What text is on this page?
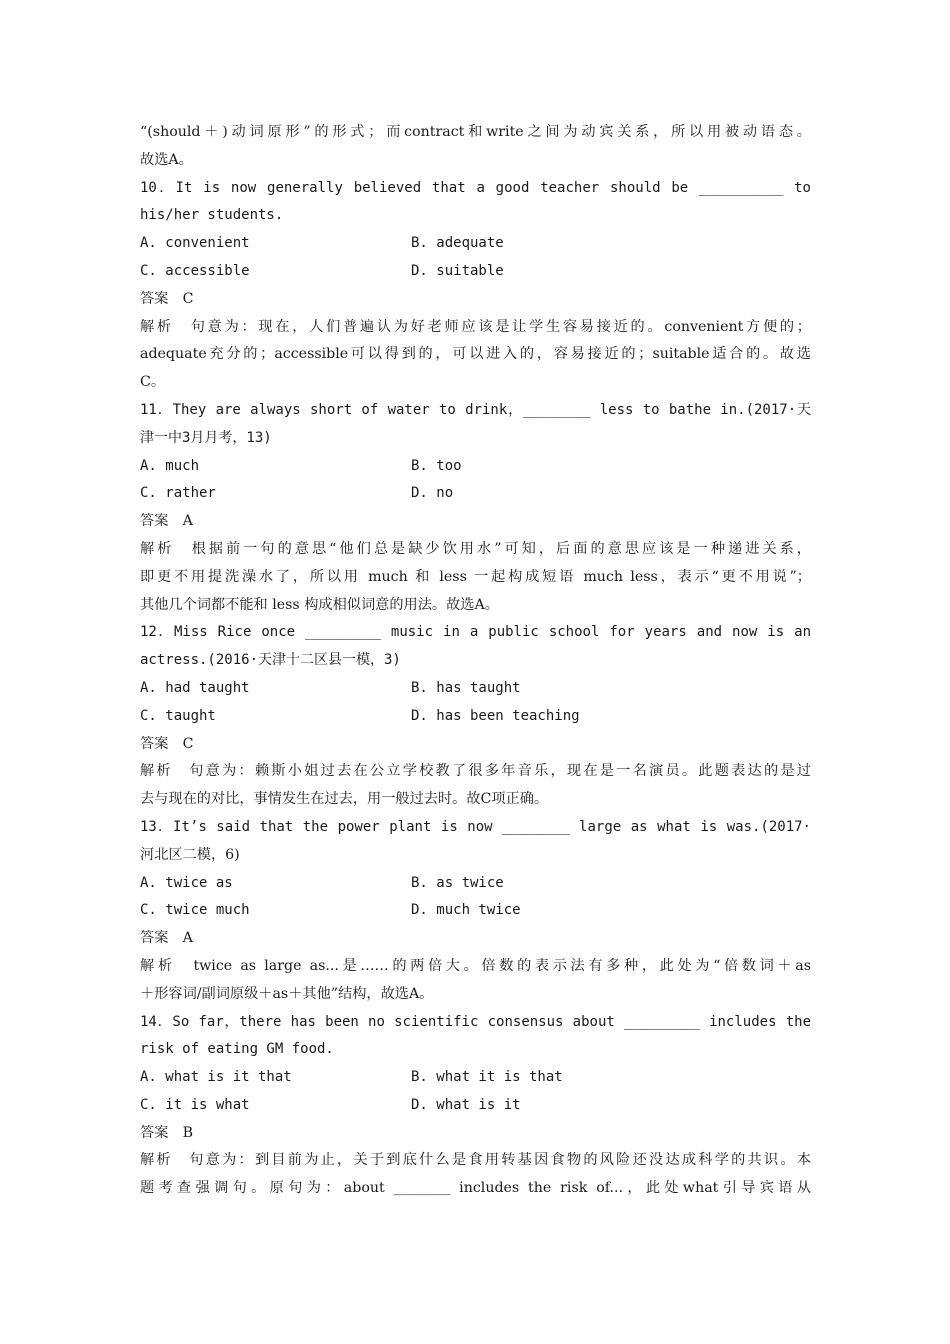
“(should＋)动词原形”的形式；而contract和write之间为动宾关系，所以用被动语态。
故选A。
10．It is now generally believed that a good teacher should be __________ to
his/her students.
A. convenient	B. adequate
C. accessible	D. suitable
答案　C
解析　句意为：现在，人们普遍认为好老师应该是让学生容易接近的。convenient方便的；
adequate充分的；accessible可以得到的，可以进入的，容易接近的；suitable适合的。故选
C。
11．They are always short of water to drink，________ less to bathe in.(2017·天
津一中3月月考，13)
A. much	B. too
C. rather	D. no
答案　A
解析　根据前一句的意思“他们总是缺少饮用水”可知，后面的意思应该是一种递进关系，
即更不用提洗澡水了，所以用 much 和 less 一起构成短语 much less，表示“更不用说”；
其他几个词都不能和 less 构成相似词意的用法。故选A。
12．Miss Rice once _________ music in a public school for years and now is an
actress.(2016·天津十二区县一模，3)
A. had taught	B. has taught
C. taught	D. has been teaching
答案　C
解析　句意为：赖斯小姐过去在公立学校教了很多年音乐，现在是一名演员。此题表达的是过
去与现在的对比，事情发生在过去，用一般过去时。故C项正确。
13．It’s said that the power plant is now ________ large as what is was.(2017·
河北区二模，6)
A. twice as	B. as twice
C. twice much	D. much twice
答案　A
解析　twice as large as...是……的两倍大。倍数的表示法有多种，此处为“倍数词＋as
＋形容词/副词原级＋as＋其他”结构，故选A。
14．So far，there has been no scientific consensus about _________ includes the
risk of eating GM food.
A. what is it that	B. what it is that
C. it is what	D. what is it
答案　B
解析　句意为：到目前为止，关于到底什么是食用转基因食物的风险还没达成科学的共识。本
题考查强调句。原句为：about ________ includes the risk of...，此处what引导宾语从
